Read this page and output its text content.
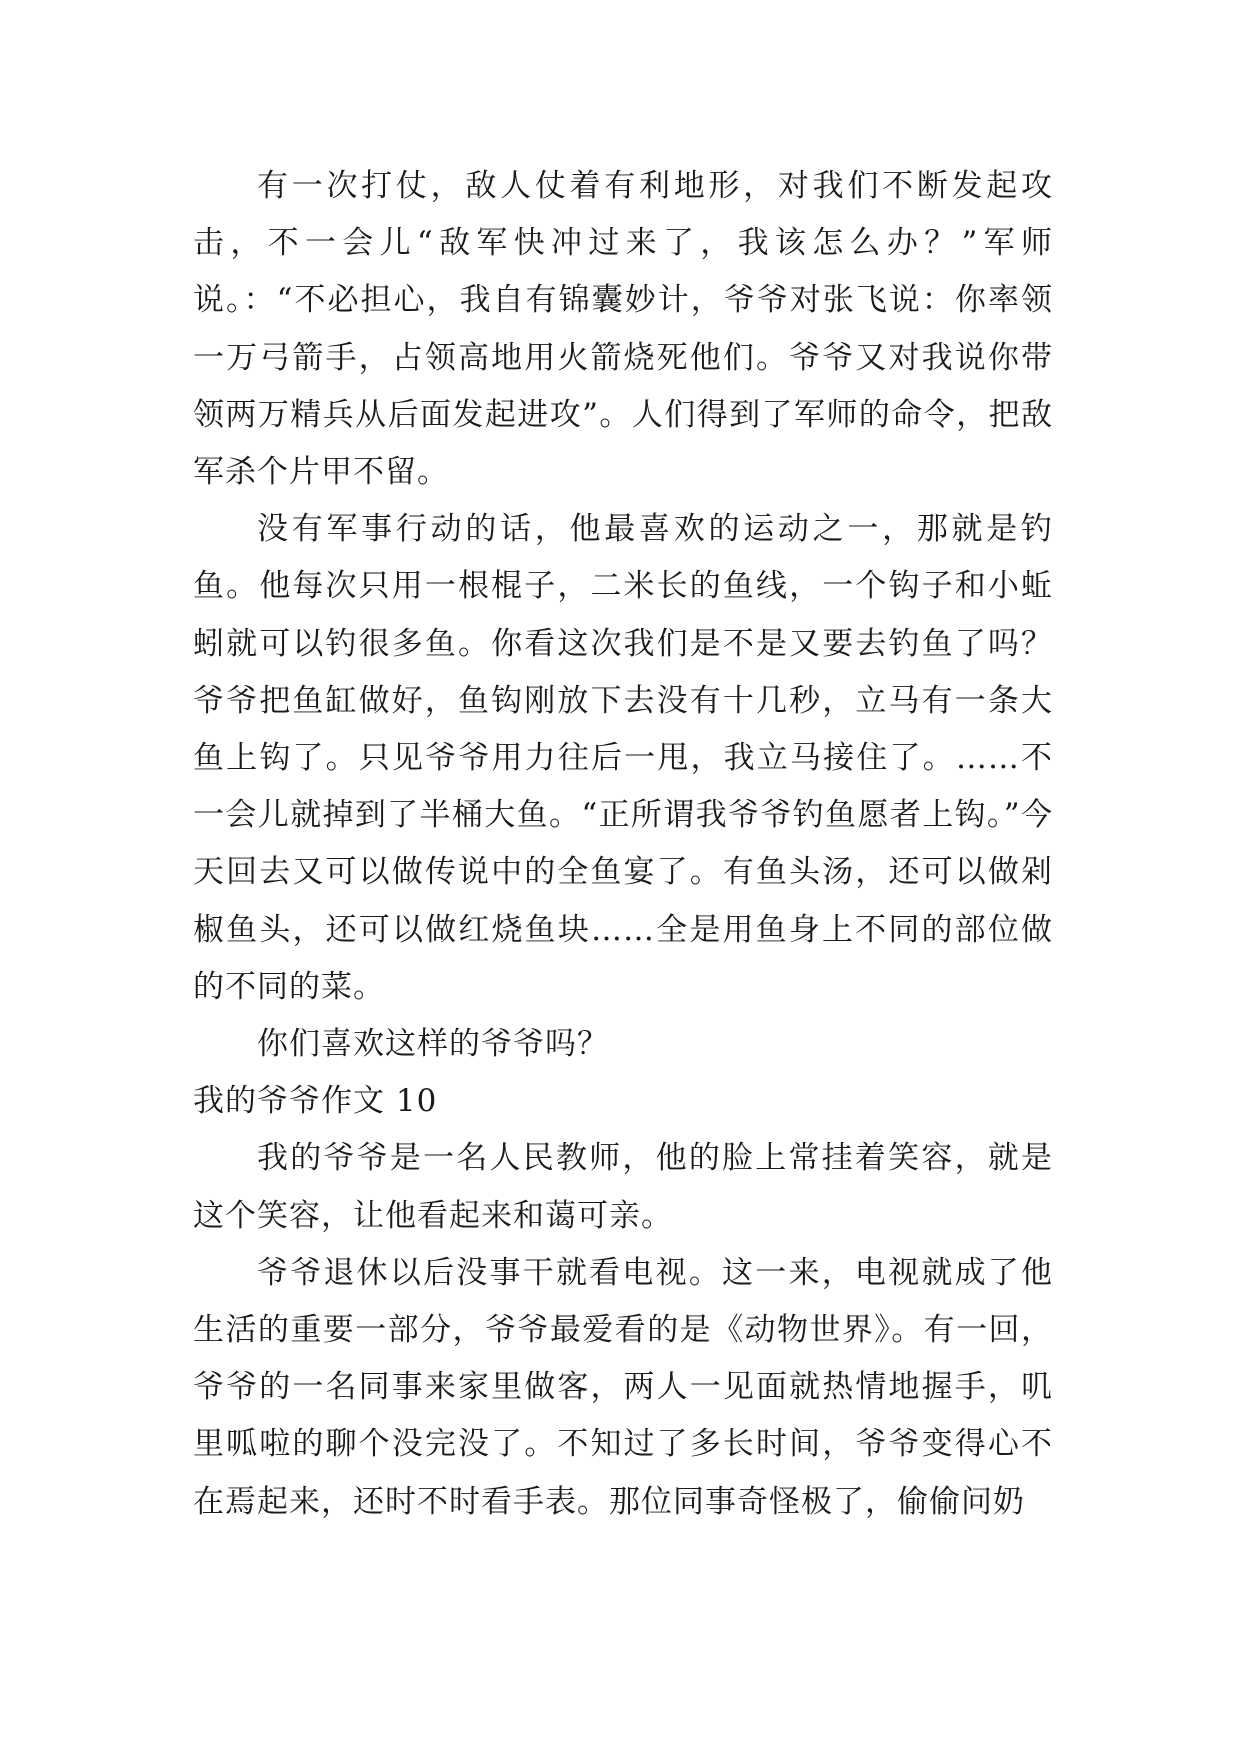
有一次打仗，敌人仗着有利地形，对我们不断发起攻击，不一会儿“敌军快冲过来了，我该怎么办？”军师说。：“不必担心，我自有锦囊妙计，爷爷对张飞说：你率领一万弓箭手，占领高地用火箭烧死他们。爷爷又对我说你带领两万精兵从后面发起进攻”。人们得到了军师的命令，把敌军杀个片甲不留。

没有军事行动的话，他最喜欢的运动之一，那就是钓鱼。他每次只用一根棍子，二米长的鱼线，一个钩子和小蚯蚓就可以钓很多鱼。你看这次我们是不是又要去钓鱼了吗？爷爷把鱼缸做好，鱼钩刚放下去没有十几秒，立马有一条大鱼上钩了。只见爷爷用力往后一甩，我立马接住了。……不一会儿就掉到了半桶大鱼。“正所谓我爷爷钓鱼愿者上钩。”今天回去又可以做传说中的全鱼宴了。有鱼头汤，还可以做剁椒鱼头，还可以做红烧鱼块……全是用鱼身上不同的部位做的不同的菜。

你们喜欢这样的爷爷吗？

我的爷爷作文 10

我的爷爷是一名人民教师，他的脸上常挂着笑容，就是这个笑容，让他看起来和蔼可亲。

爷爷退休以后没事干就看电视。这一来，电视就成了他生活的重要一部分，爷爷最爱看的是《动物世界》。有一回，爷爷的一名同事来家里做客，两人一见面就热情地握手，叽里呱啦的聊个没完没了。不知过了多长时间，爷爷变得心不在焉起来，还时不时看手表。那位同事奇怪极了，偷偷问奶
